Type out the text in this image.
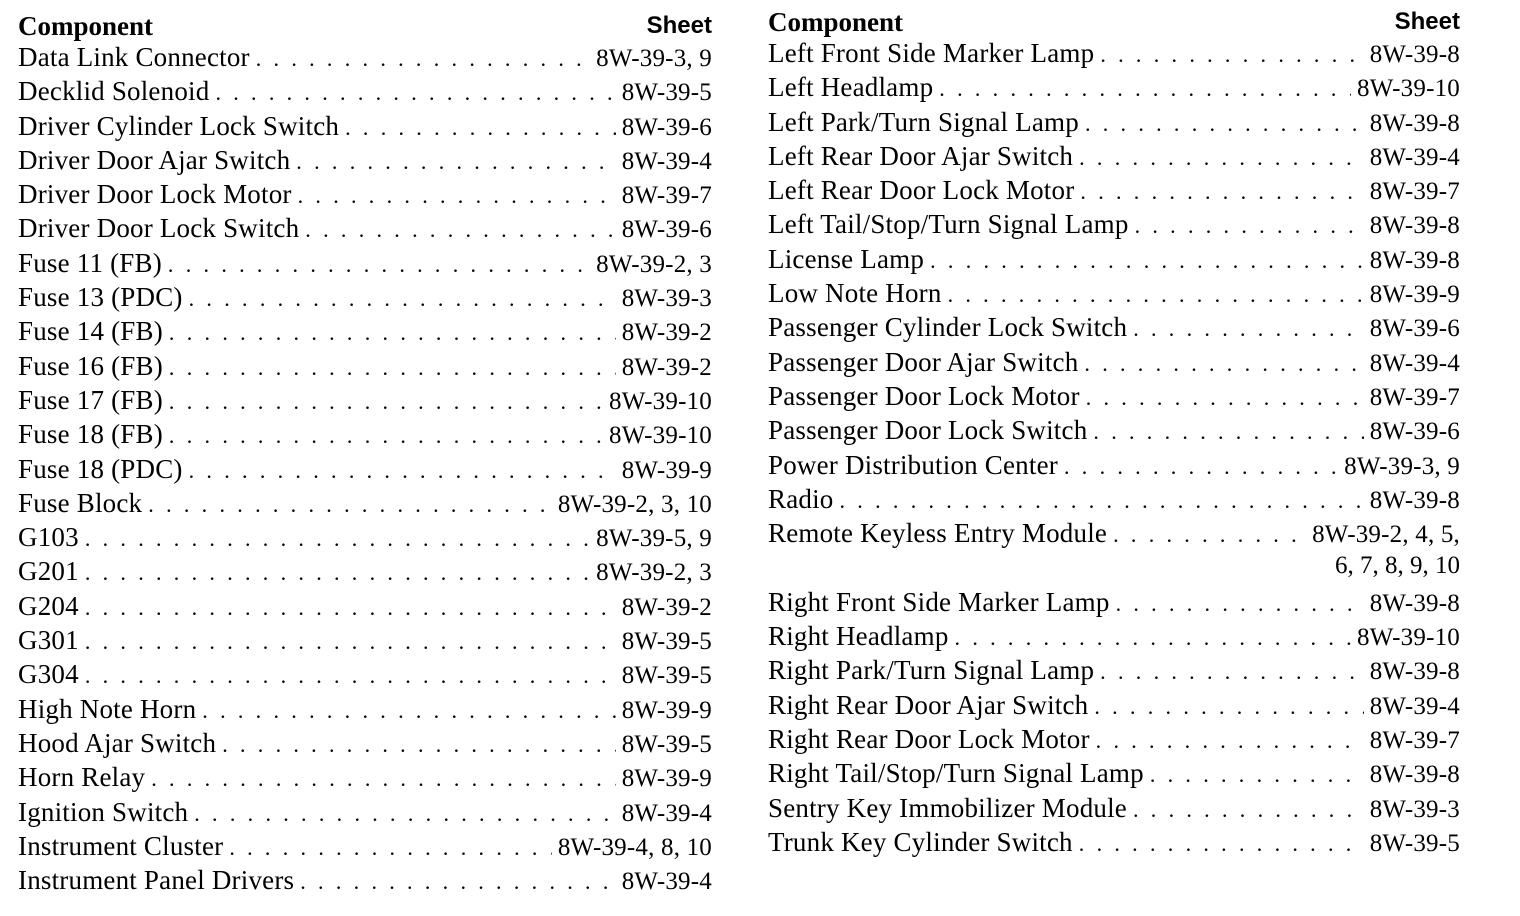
Component	Sheet
Data Link Connector . . .	8W-39-3, 9
Decklid Solenoid . . .	8W-39-5
Driver Cylinder Lock Switch . . .	8W-39-6
Driver Door Ajar Switch . . .	8W-39-4
Driver Door Lock Motor . . .	8W-39-7
Driver Door Lock Switch . . .	8W-39-6
Fuse 11 (FB) . . .	8W-39-2, 3
Fuse 13 (PDC) . . .	8W-39-3
Fuse 14 (FB) . . .	8W-39-2
Fuse 16 (FB) . . .	8W-39-2
Fuse 17 (FB) . . .	8W-39-10
Fuse 18 (FB) . . .	8W-39-10
Fuse 18 (PDC) . . .	8W-39-9
Fuse Block . . .	8W-39-2, 3, 10
G103 . . .	8W-39-5, 9
G201 . . .	8W-39-2, 3
G204 . . .	8W-39-2
G301 . . .	8W-39-5
G304 . . .	8W-39-5
High Note Horn . . .	8W-39-9
Hood Ajar Switch . . .	8W-39-5
Horn Relay . . .	8W-39-9
Ignition Switch . . .	8W-39-4
Instrument Cluster . . .	8W-39-4, 8, 10
Instrument Panel Drivers . . .	8W-39-4
Component	Sheet
Left Front Side Marker Lamp . . .	8W-39-8
Left Headlamp . . .	8W-39-10
Left Park/Turn Signal Lamp . . .	8W-39-8
Left Rear Door Ajar Switch . . .	8W-39-4
Left Rear Door Lock Motor . . .	8W-39-7
Left Tail/Stop/Turn Signal Lamp . . .	8W-39-8
License Lamp . . .	8W-39-8
Low Note Horn . . .	8W-39-9
Passenger Cylinder Lock Switch . . .	8W-39-6
Passenger Door Ajar Switch . . .	8W-39-4
Passenger Door Lock Motor . . .	8W-39-7
Passenger Door Lock Switch . . .	8W-39-6
Power Distribution Center . . .	8W-39-3, 9
Radio . . .	8W-39-8
Remote Keyless Entry Module . . .	8W-39-2, 4, 5,
6, 7, 8, 9, 10
Right Front Side Marker Lamp . . .	8W-39-8
Right Headlamp . . .	8W-39-10
Right Park/Turn Signal Lamp . . .	8W-39-8
Right Rear Door Ajar Switch . . .	8W-39-4
Right Rear Door Lock Motor . . .	8W-39-7
Right Tail/Stop/Turn Signal Lamp . . .	8W-39-8
Sentry Key Immobilizer Module . . .	8W-39-3
Trunk Key Cylinder Switch . . .	8W-39-5
